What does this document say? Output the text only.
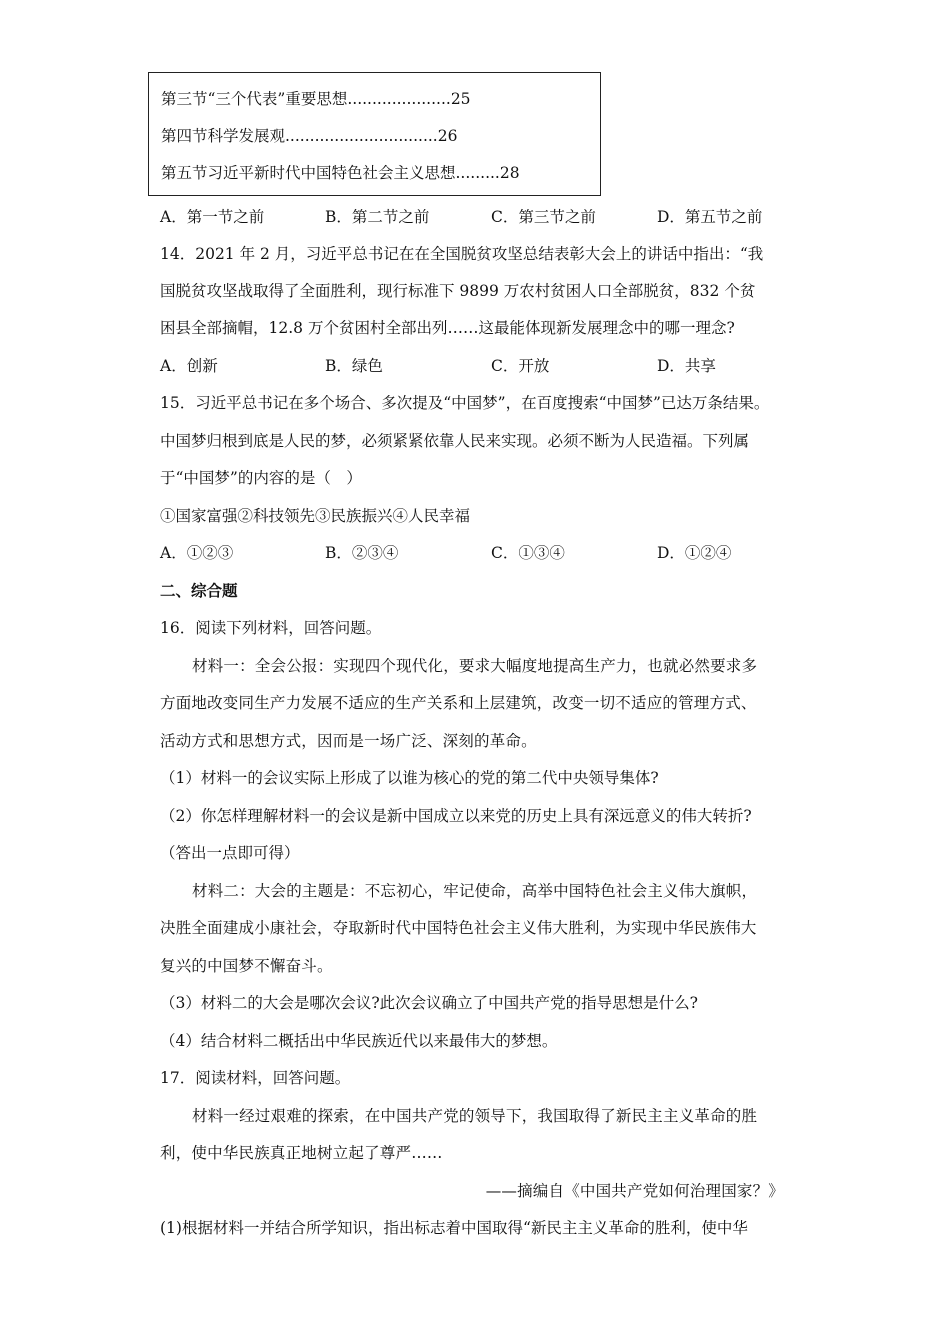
第三节“三个代表”重要思想.....................25
第四节科学发展观...............................26
第五节习近平新时代中国特色社会主义思想.........28
A．第一节之前	B．第二节之前	C．第三节之前	D．第五节之前
14．2021 年 2 月，习近平总书记在在全国脱贫攻坚总结表彰大会上的讲话中指出：“我
国脱贫攻坚战取得了全面胜利，现行标准下 9899 万农村贫困人口全部脱贫，832 个贫
困县全部摘帽，12.8 万个贫困村全部出列……这最能体现新发展理念中的哪一理念?
A．创新	B．绿色	C．开放	D．共享
15．习近平总书记在多个场合、多次提及“中国梦”，在百度搜索“中国梦”已达万条结果。
中国梦归根到底是人民的梦，必须紧紧依靠人民来实现。必须不断为人民造福。下列属
于“中国梦”的内容的是（　）
①国家富强②科技领先③民族振兴④人民幸福
A．①②③	B．②③④	C．①③④	D．①②④
二、综合题
16．阅读下列材料，回答问题。
材料一：全会公报：实现四个现代化，要求大幅度地提高生产力，也就必然要求多
方面地改变同生产力发展不适应的生产关系和上层建筑，改变一切不适应的管理方式、
活动方式和思想方式，因而是一场广泛、深刻的革命。
（1）材料一的会议实际上形成了以谁为核心的党的第二代中央领导集体?
（2）你怎样理解材料一的会议是新中国成立以来党的历史上具有深远意义的伟大转折?
（答出一点即可得）
材料二：大会的主题是：不忘初心，牢记使命，高举中国特色社会主义伟大旗帜，
决胜全面建成小康社会，夺取新时代中国特色社会主义伟大胜利，为实现中华民族伟大
复兴的中国梦不懈奋斗。
（3）材料二的大会是哪次会议?此次会议确立了中国共产党的指导思想是什么?
（4）结合材料二概括出中华民族近代以来最伟大的梦想。
17．阅读材料，回答问题。
材料一经过艰难的探索，在中国共产党的领导下，我国取得了新民主主义革命的胜
利，使中华民族真正地树立起了尊严……
——摘编自《中国共产党如何治理国家？》
(1)根据材料一并结合所学知识，指出标志着中国取得“新民主主义革命的胜利，使中华
